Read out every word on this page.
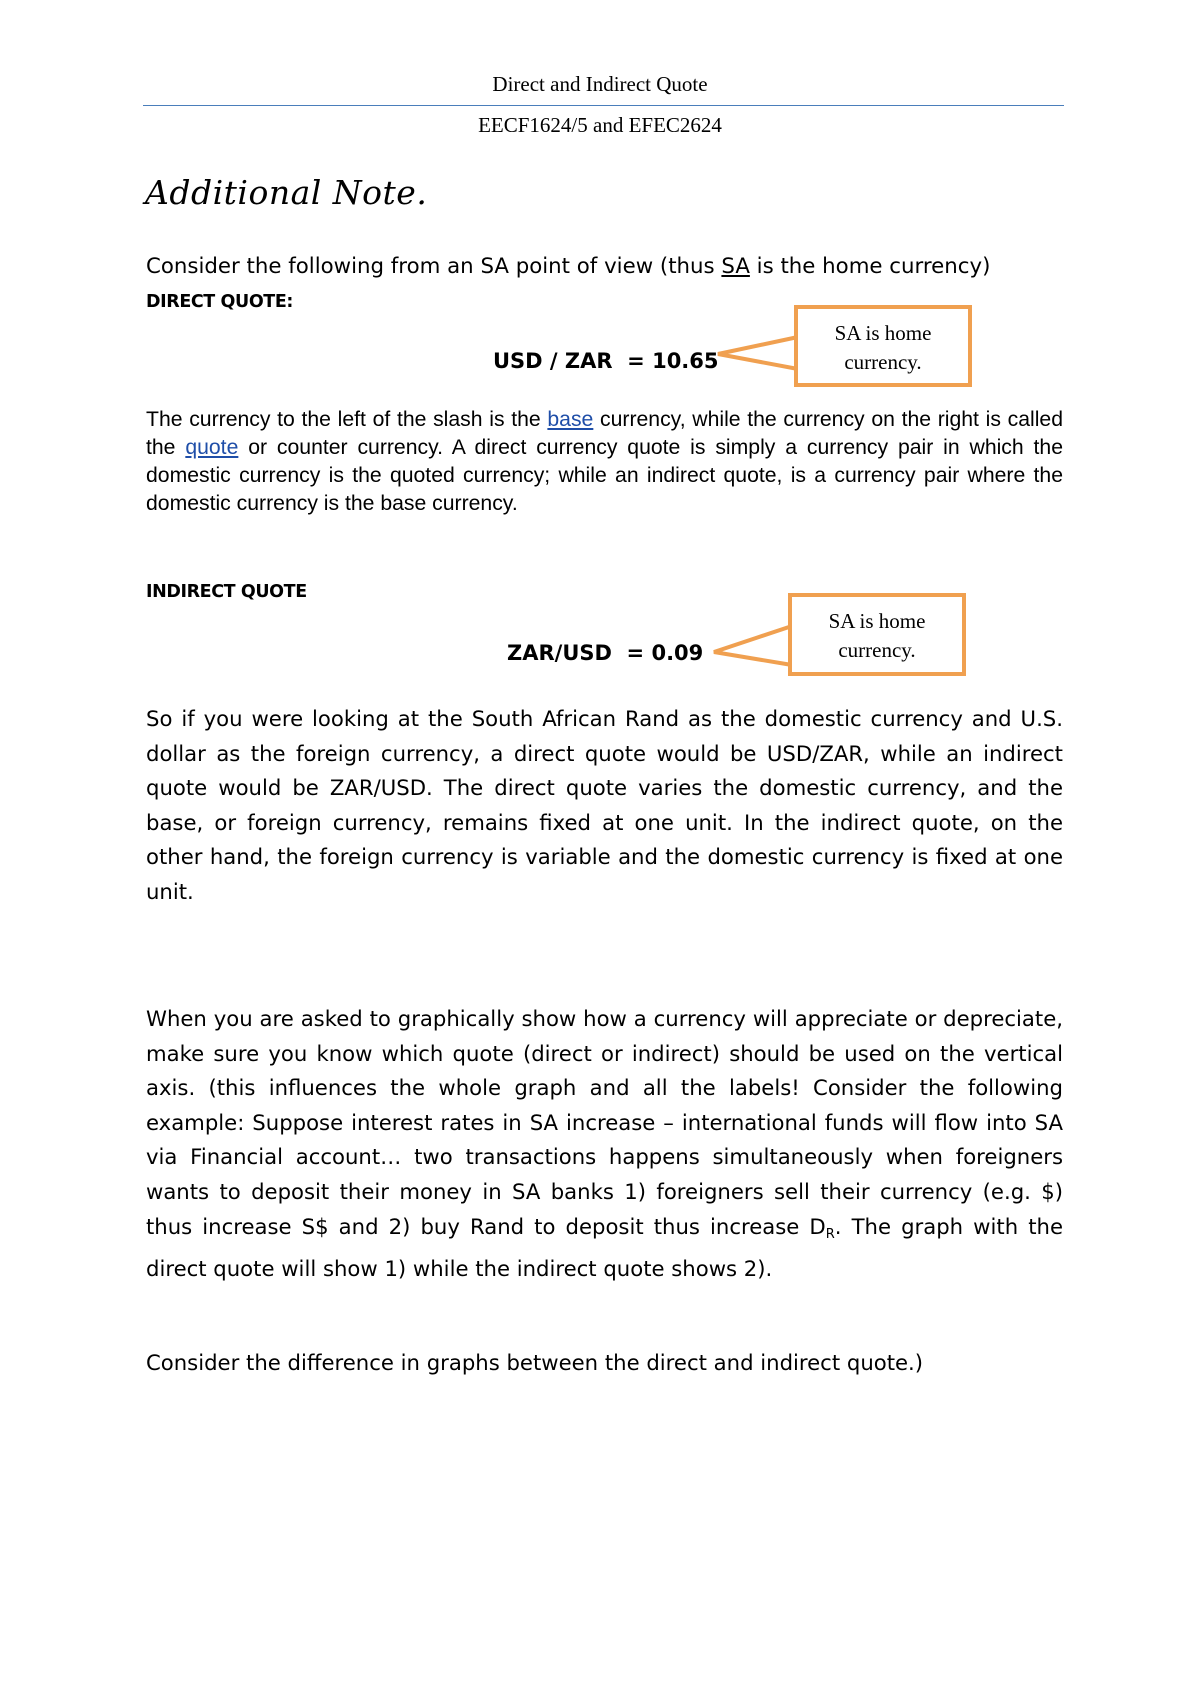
Direct and Indirect Quote
EECF1624/5 and EFEC2624
Additional Note.
Consider the following from an SA point of view (thus SA is the home currency)
DIRECT QUOTE:
USD / ZAR  = 10.65
SA is home
currency.
The currency to the left of the slash is the base currency, while the currency on the right is called the quote or counter currency. A direct currency quote is simply a currency pair in which the domestic currency is the quoted currency; while an indirect quote, is a currency pair where the domestic currency is the base currency.
INDIRECT QUOTE
ZAR/USD  = 0.09
SA is home
currency.
So if you were looking at the South African Rand as the domestic currency and U.S. dollar as the foreign currency, a direct quote would be USD/ZAR, while an indirect quote would be ZAR/USD. The direct quote varies the domestic currency, and the base, or foreign currency, remains fixed at one unit. In the indirect quote, on the other hand, the foreign currency is variable and the domestic currency is fixed at one unit.
When you are asked to graphically show how a currency will appreciate or depreciate, make sure you know which quote (direct or indirect) should be used on the vertical axis. (this influences the whole graph and all the labels! Consider the following example: Suppose interest rates in SA increase – international funds will flow into SA via Financial account… two transactions happens simultaneously when foreigners wants to deposit their money in SA banks 1) foreigners sell their currency (e.g. $) thus increase S$ and 2) buy Rand to deposit thus increase $D_R$. The graph with the direct quote will show 1) while the indirect quote shows 2).
Consider the difference in graphs between the direct and indirect quote.)
